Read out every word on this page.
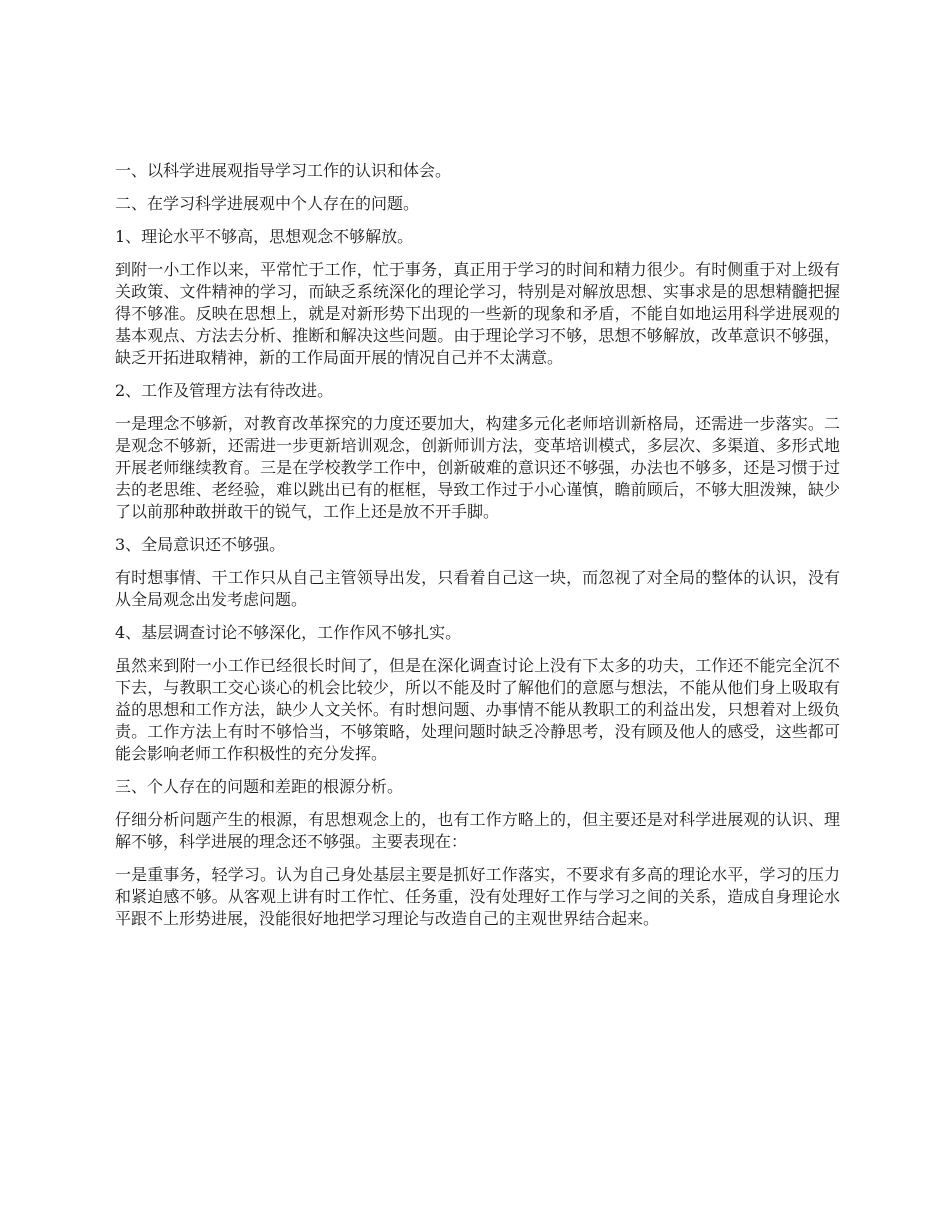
一、以科学进展观指导学习工作的认识和体会。

二、在学习科学进展观中个人存在的问题。

1、理论水平不够高，思想观念不够解放。

到附一小工作以来，平常忙于工作，忙于事务，真正用于学习的时间和精力很少。有时侧重于对上级有关政策、文件精神的学习，而缺乏系统深化的理论学习，特别是对解放思想、实事求是的思想精髓把握得不够准。反映在思想上，就是对新形势下出现的一些新的现象和矛盾，不能自如地运用科学进展观的基本观点、方法去分析、推断和解决这些问题。由于理论学习不够，思想不够解放，改革意识不够强，缺乏开拓进取精神，新的工作局面开展的情况自己并不太满意。

2、工作及管理方法有待改进。

一是理念不够新，对教育改革探究的力度还要加大，构建多元化老师培训新格局，还需进一步落实。二是观念不够新，还需进一步更新培训观念，创新师训方法，变革培训模式，多层次、多渠道、多形式地开展老师继续教育。三是在学校教学工作中，创新破难的意识还不够强，办法也不够多，还是习惯于过去的老思维、老经验，难以跳出已有的框框，导致工作过于小心谨慎，瞻前顾后，不够大胆泼辣，缺少了以前那种敢拼敢干的锐气，工作上还是放不开手脚。

3、全局意识还不够强。

有时想事情、干工作只从自己主管领导出发，只看着自己这一块，而忽视了对全局的整体的认识，没有从全局观念出发考虑问题。

4、基层调查讨论不够深化，工作作风不够扎实。

虽然来到附一小工作已经很长时间了，但是在深化调查讨论上没有下太多的功夫，工作还不能完全沉不下去，与教职工交心谈心的机会比较少，所以不能及时了解他们的意愿与想法，不能从他们身上吸取有益的思想和工作方法，缺少人文关怀。有时想问题、办事情不能从教职工的利益出发，只想着对上级负责。工作方法上有时不够恰当，不够策略，处理问题时缺乏冷静思考，没有顾及他人的感受，这些都可能会影响老师工作积极性的充分发挥。

三、个人存在的问题和差距的根源分析。

仔细分析问题产生的根源，有思想观念上的，也有工作方略上的，但主要还是对科学进展观的认识、理解不够，科学进展的理念还不够强。主要表现在：

一是重事务，轻学习。认为自己身处基层主要是抓好工作落实，不要求有多高的理论水平，学习的压力和紧迫感不够。从客观上讲有时工作忙、任务重，没有处理好工作与学习之间的关系，造成自身理论水平跟不上形势进展，没能很好地把学习理论与改造自己的主观世界结合起来。
